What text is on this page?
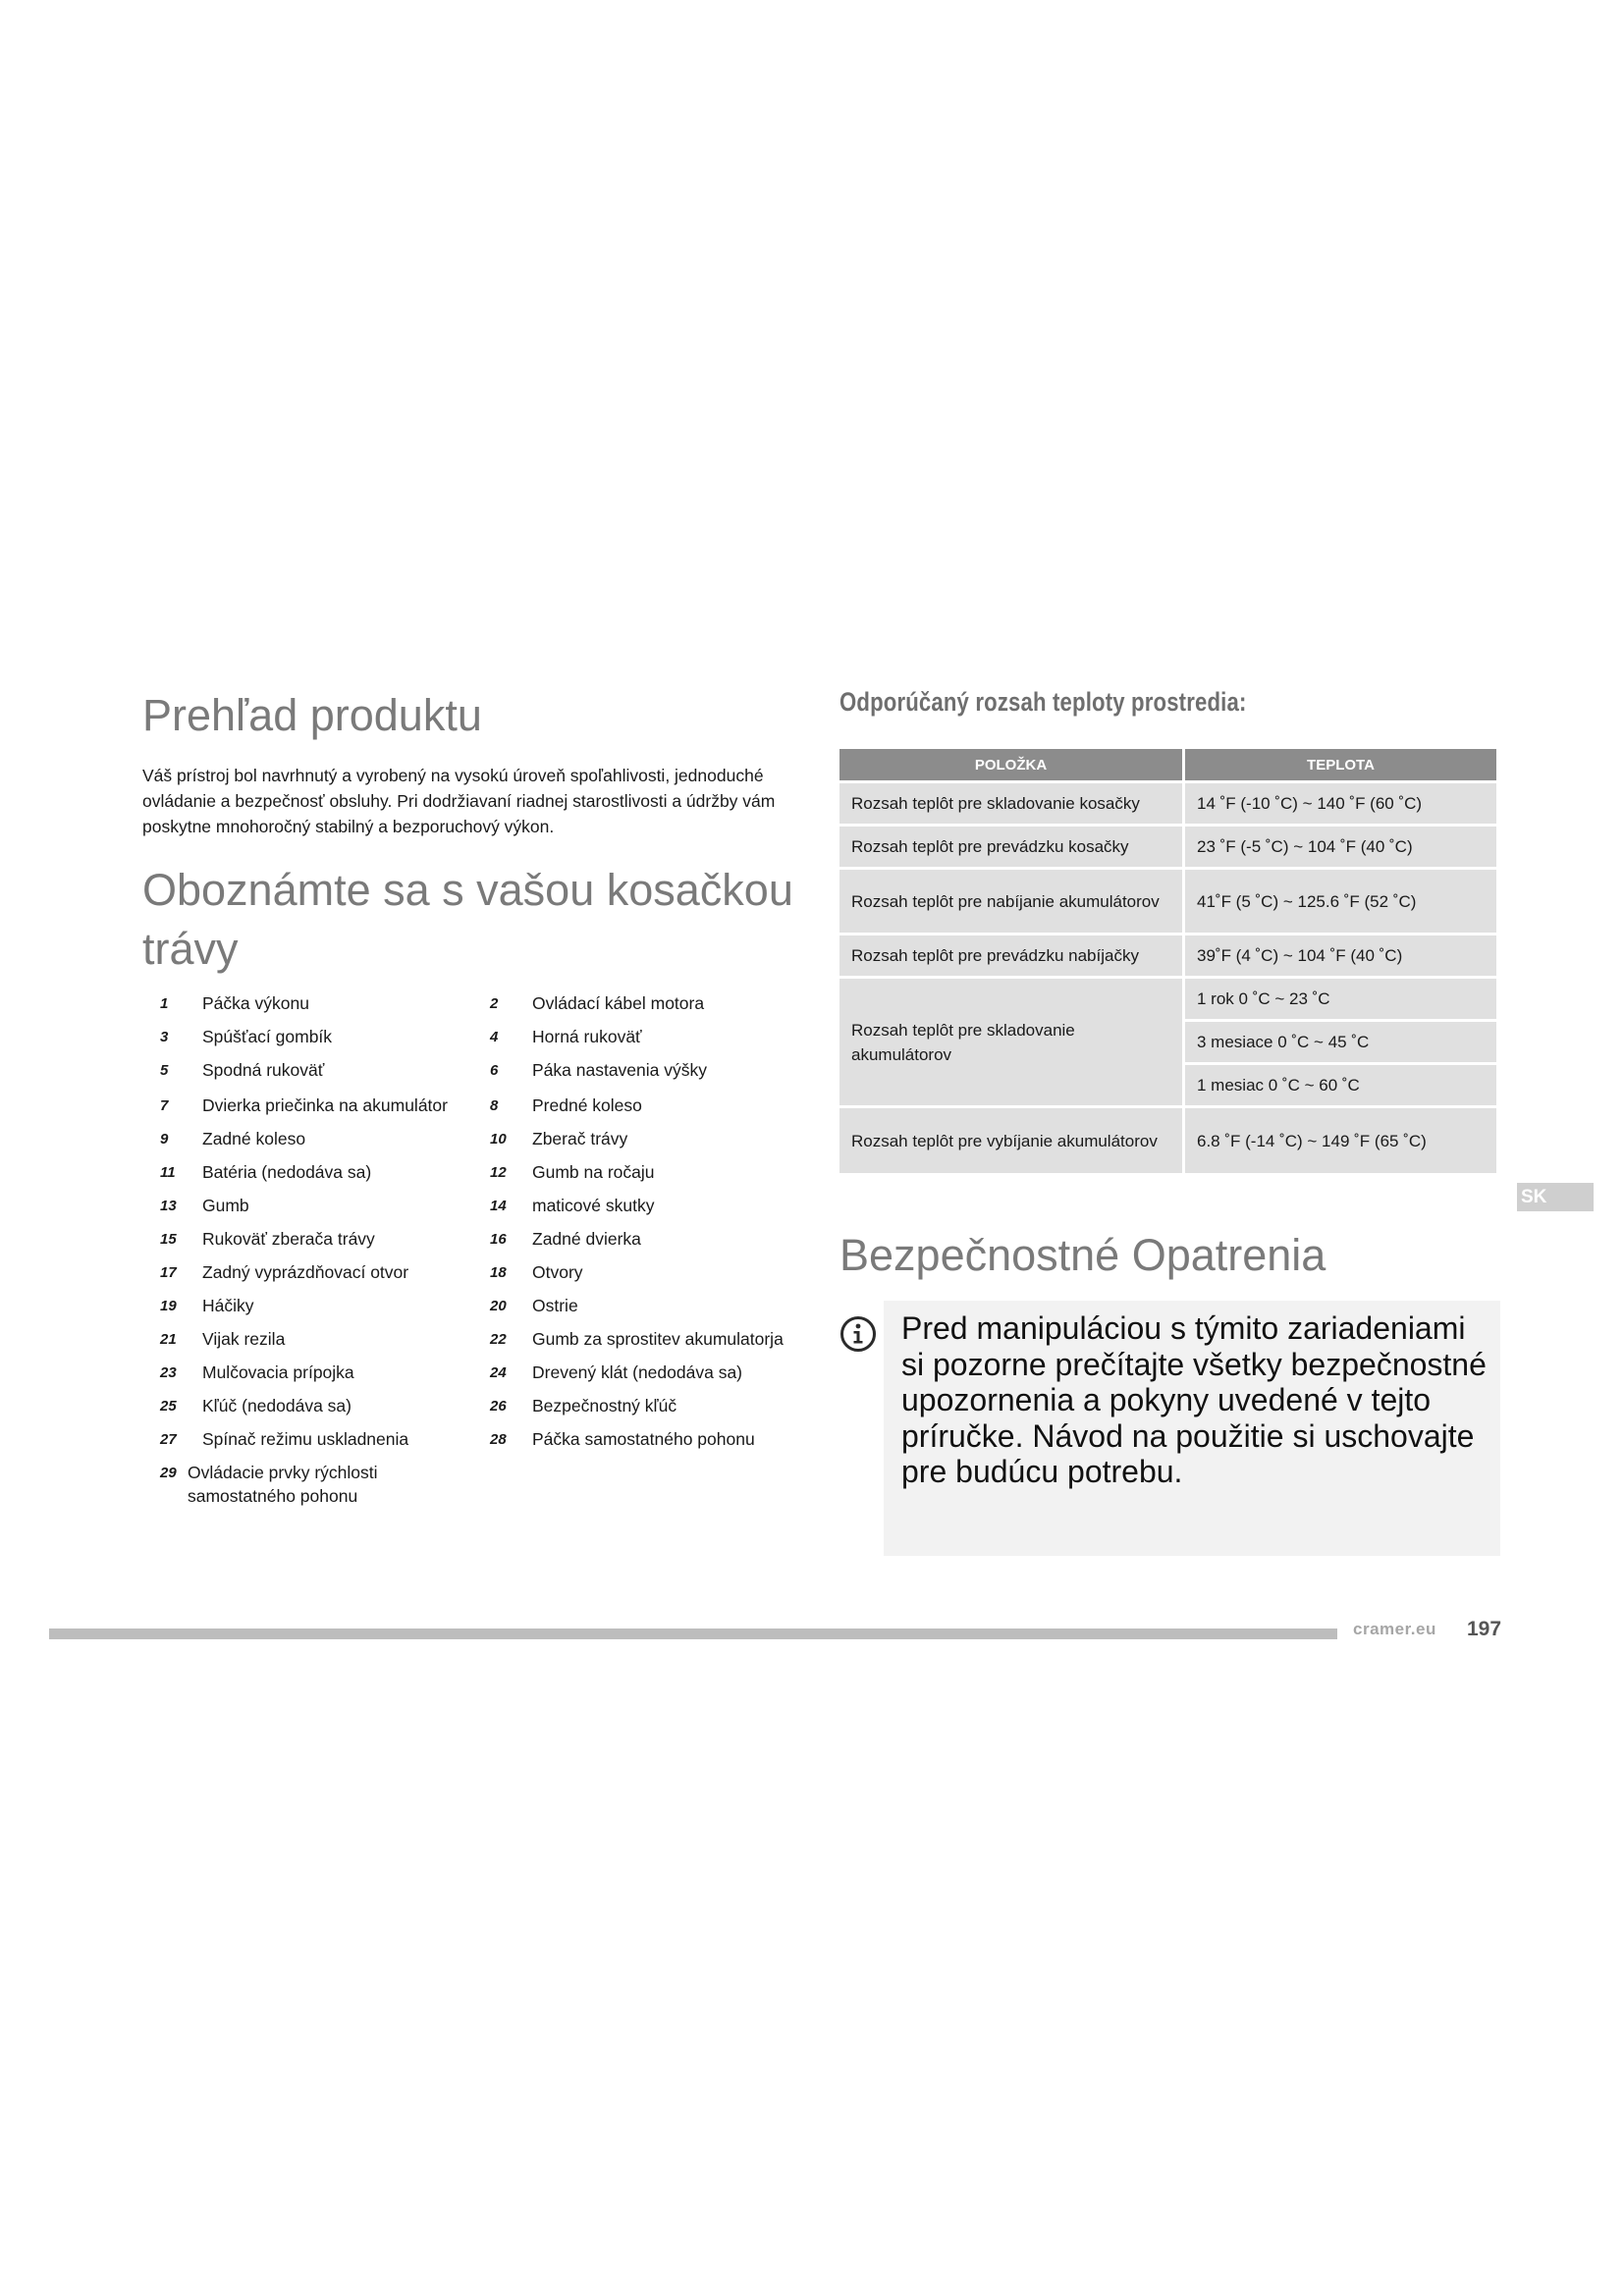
Prehľad produktu

Váš prístroj bol navrhnutý a vyrobený na vysokú úroveň spoľahlivosti, jednoduché ovládanie a bezpečnosť obsluhy. Pri dodržiavaní riadnej starostlivosti a údržby vám poskytne mnohoročný stabilný a bezporuchový výkon.

Oboznámte sa s vašou kosačkou trávy
1	Páčka výkonu	2	Ovládací kábel motora
3	Spúšťací gombík	4	Horná rukoväť
5	Spodná rukoväť	6	Páka nastavenia výšky
7	Dvierka priečinka na akumulátor	8	Predné koleso
9	Zadné koleso	10	Zberač trávy
11	Batéria (nedodáva sa)	12	Gumb na ročaju
13	Gumb	14	maticové skutky
15	Rukoväť zberača trávy	16	Zadné dvierka
17	Zadný vyprázdňovací otvor	18	Otvory
19	Háčiky	20	Ostrie
21	Vijak rezila	22	Gumb za sprostitev akumulatorja
23	Mulčovacia prípojka	24	Drevený klát (nedodáva sa)
25	Kľúč (nedodáva sa)	26	Bezpečnostný kľúč
27	Spínač režimu uskladnenia	28	Páčka samostatného pohonu
29 Ovládacie prvky rýchlosti samostatného pohonu
Odporúčaný rozsah teploty prostredia:
POLOŽKA	TEPLOTA
Rozsah teplôt pre skladovanie kosačky	14 ˚F (-10 ˚C) ~ 140 ˚F (60 ˚C)
Rozsah teplôt pre prevádzku kosačky	23 ˚F (-5 ˚C) ~ 104 ˚F (40 ˚C)
Rozsah teplôt pre nabíjanie akumulátorov	41˚F (5 ˚C) ~ 125.6 ˚F (52 ˚C)
Rozsah teplôt pre prevádzku nabíjačky	39˚F (4 ˚C) ~ 104 ˚F (40 ˚C)
Rozsah teplôt pre skladovanie akumulátorov	1 rok 0 ˚C ~ 23 ˚C
	3 mesiace 0 ˚C ~ 45 ˚C
	1 mesiac 0 ˚C ~ 60 ˚C
Rozsah teplôt pre vybíjanie akumulátorov	6.8 ˚F (-14 ˚C) ~ 149 ˚F (65 ˚C)
Bezpečnostné Opatrenia
Pred manipuláciou s týmito zariadeniami si pozorne prečítajte všetky bezpečnostné upozornenia a pokyny uvedené v tejto príručke. Návod na použitie si uschovajte pre budúcu potrebu.
SK
cramer.eu 197
